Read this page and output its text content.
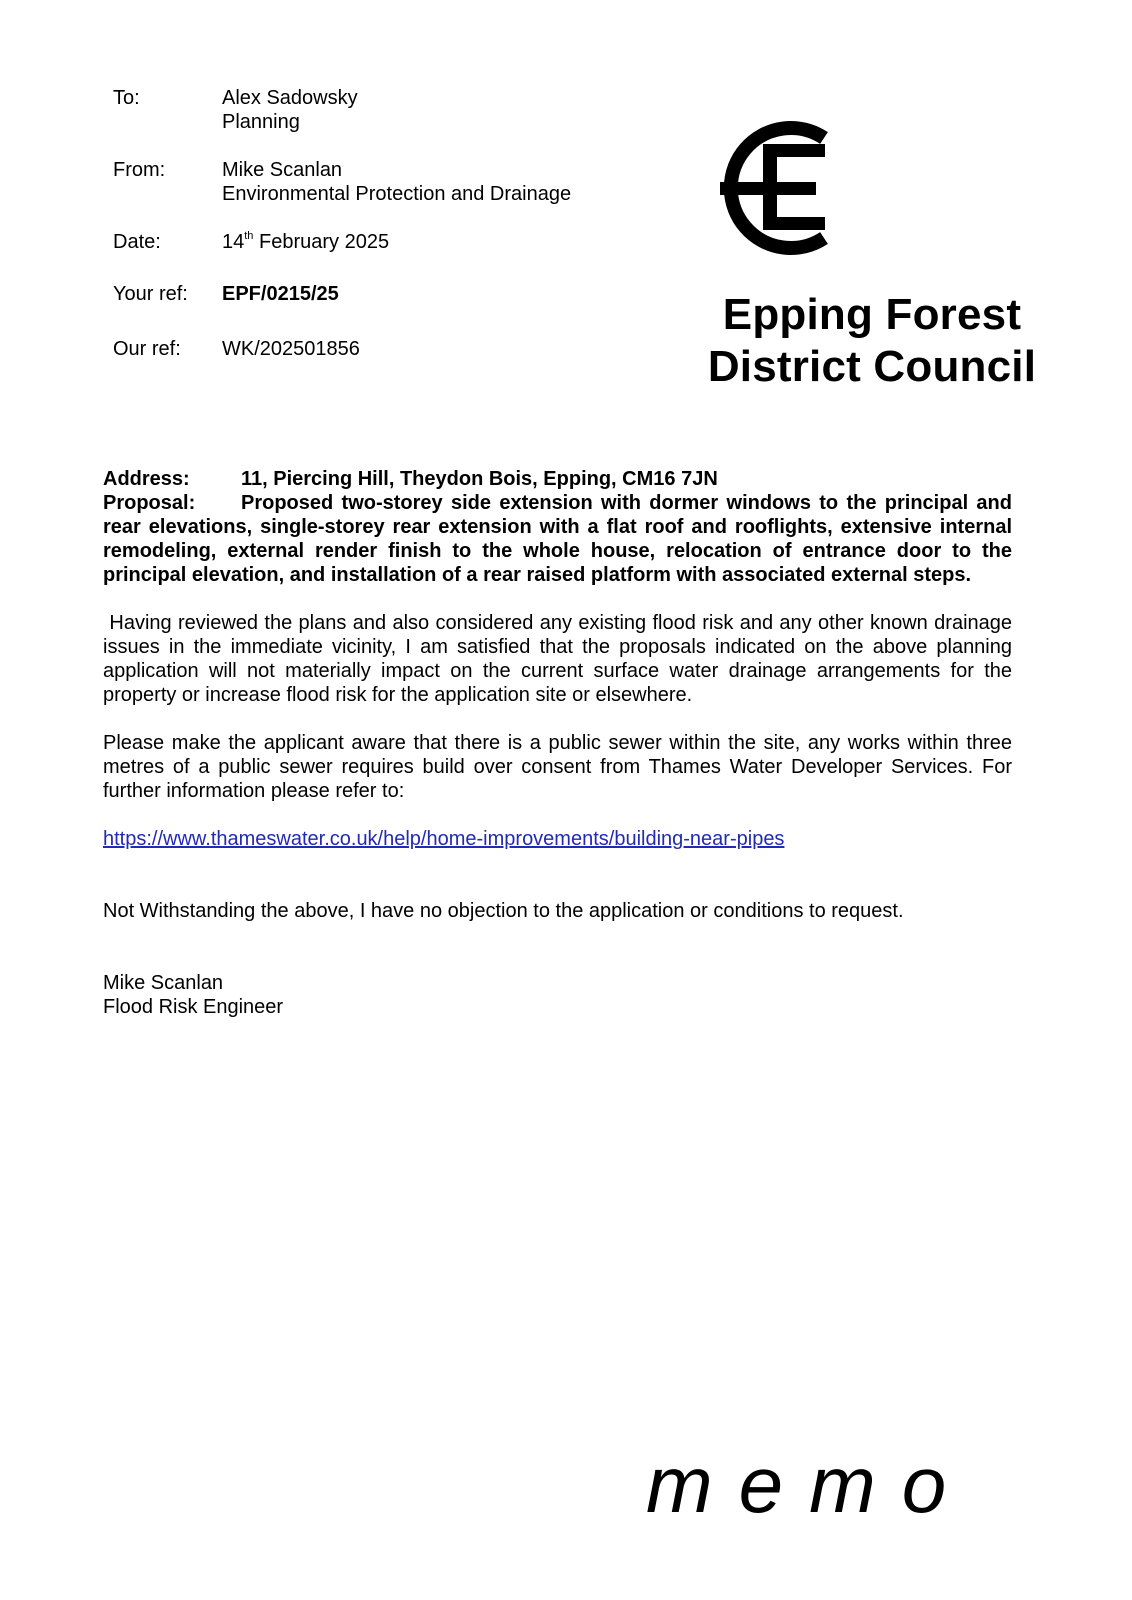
To:	Alex Sadowsky
Planning
From:	Mike Scanlan
Environmental Protection and Drainage
Date:	14th February 2025
Your ref: EPF/0215/25
Our ref: WK/202501856
Epping Forest
District Council
Address:	11, Piercing Hill, Theydon Bois, Epping, CM16 7JN
Proposal: Proposed two-storey side extension with dormer windows to the principal and rear elevations, single-storey rear extension with a flat roof and rooflights, extensive internal remodeling, external render finish to the whole house, relocation of entrance door to the principal elevation, and installation of a rear raised platform with associated external steps.
Having reviewed the plans and also considered any existing flood risk and any other known drainage issues in the immediate vicinity, I am satisfied that the proposals indicated on the above planning application will not materially impact on the current surface water drainage arrangements for the property or increase flood risk for the application site or elsewhere.
Please make the applicant aware that there is a public sewer within the site, any works within three metres of a public sewer requires build over consent from Thames Water Developer Services. For further information please refer to:
https://www.thameswater.co.uk/help/home-improvements/building-near-pipes
Not Withstanding the above, I have no objection to the application or conditions to request.
Mike Scanlan
Flood Risk Engineer
memo
